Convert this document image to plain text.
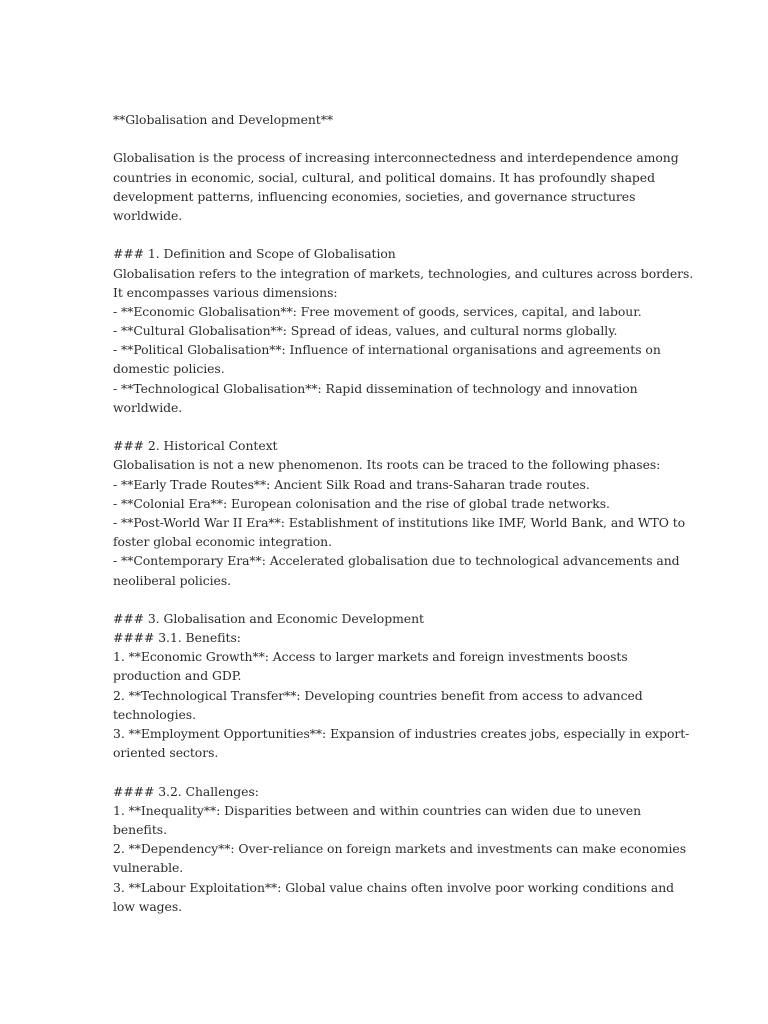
**Globalisation and Development**
Globalisation is the process of increasing interconnectedness and interdependence among
countries in economic, social, cultural, and political domains. It has profoundly shaped
development patterns, influencing economies, societies, and governance structures
worldwide.
### 1. Definition and Scope of Globalisation
Globalisation refers to the integration of markets, technologies, and cultures across borders.
It encompasses various dimensions:
- **Economic Globalisation**: Free movement of goods, services, capital, and labour.
- **Cultural Globalisation**: Spread of ideas, values, and cultural norms globally.
- **Political Globalisation**: Influence of international organisations and agreements on
domestic policies.
- **Technological Globalisation**: Rapid dissemination of technology and innovation
worldwide.
### 2. Historical Context
Globalisation is not a new phenomenon. Its roots can be traced to the following phases:
- **Early Trade Routes**: Ancient Silk Road and trans-Saharan trade routes.
- **Colonial Era**: European colonisation and the rise of global trade networks.
- **Post-World War II Era**: Establishment of institutions like IMF, World Bank, and WTO to
foster global economic integration.
- **Contemporary Era**: Accelerated globalisation due to technological advancements and
neoliberal policies.
### 3. Globalisation and Economic Development
#### 3.1. Benefits:
1. **Economic Growth**: Access to larger markets and foreign investments boosts
production and GDP.
2. **Technological Transfer**: Developing countries benefit from access to advanced
technologies.
3. **Employment Opportunities**: Expansion of industries creates jobs, especially in export-
oriented sectors.
#### 3.2. Challenges:
1. **Inequality**: Disparities between and within countries can widen due to uneven
benefits.
2. **Dependency**: Over-reliance on foreign markets and investments can make economies
vulnerable.
3. **Labour Exploitation**: Global value chains often involve poor working conditions and
low wages.
